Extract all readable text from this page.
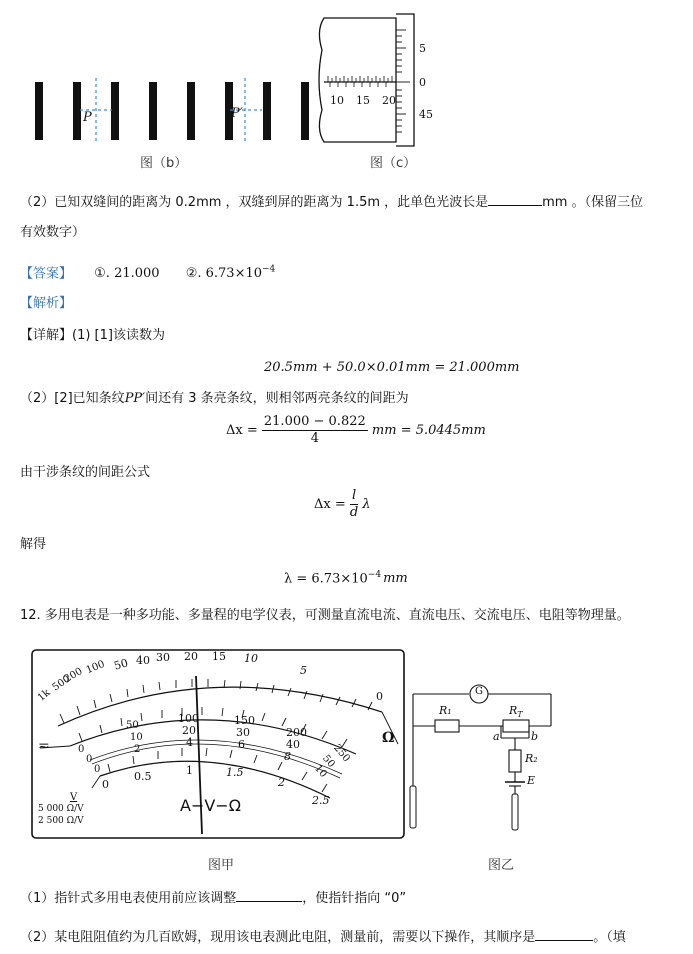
P	P′
图（b）
10 15 20
5
0
45
图（c）
（2）已知双缝间的距离为 0.2mm ，双缝到屏的距离为 1.5m ，此单色光波长是	mm 。（保留三位
有效数字）
【答案】 ①. 21.000 ②. $6.73\times 10^{-4}$
【解析】
【详解】(1) [1]该读数为
20.5mm + 50.0×0.01mm = 21.000mm
（2）[2]已知条纹PP′间还有 3 条亮条纹，则相邻两亮条纹的间距为
$\Delta x = \frac{21.000 - 0.822}{4}$ mm = 5.0445mm
由干涉条纹的间距公式
$\Delta x = \frac{l}{d}$ λ
解得
$\lambda = 6.73\times 10^{-4}$ mm
12. 多用电表是一种多功能、多量程的电学仪表，可测量直流电流、直流电压、交流电压、电阻等物理量。
1k
500
200 100 50 40 30 20 15 10
5
0
Ω
0
50
100	150
200
250
0
10
20	30
40
50
0
2
4	6
8
10
0
0.5	1	1.5
2
2.5
A−V−Ω
≂
V
5 000 Ω/V
2 500 Ω/V
图甲
G
R₁	$R_T$
a	b
R₂
E
图乙
（1）指针式多用电表使用前应该调整	，使指针指向 “0”
（2）某电阻阻值约为几百欧姆，现用该电表测此电阻，测量前，需要以下操作，其顺序是	。（填
